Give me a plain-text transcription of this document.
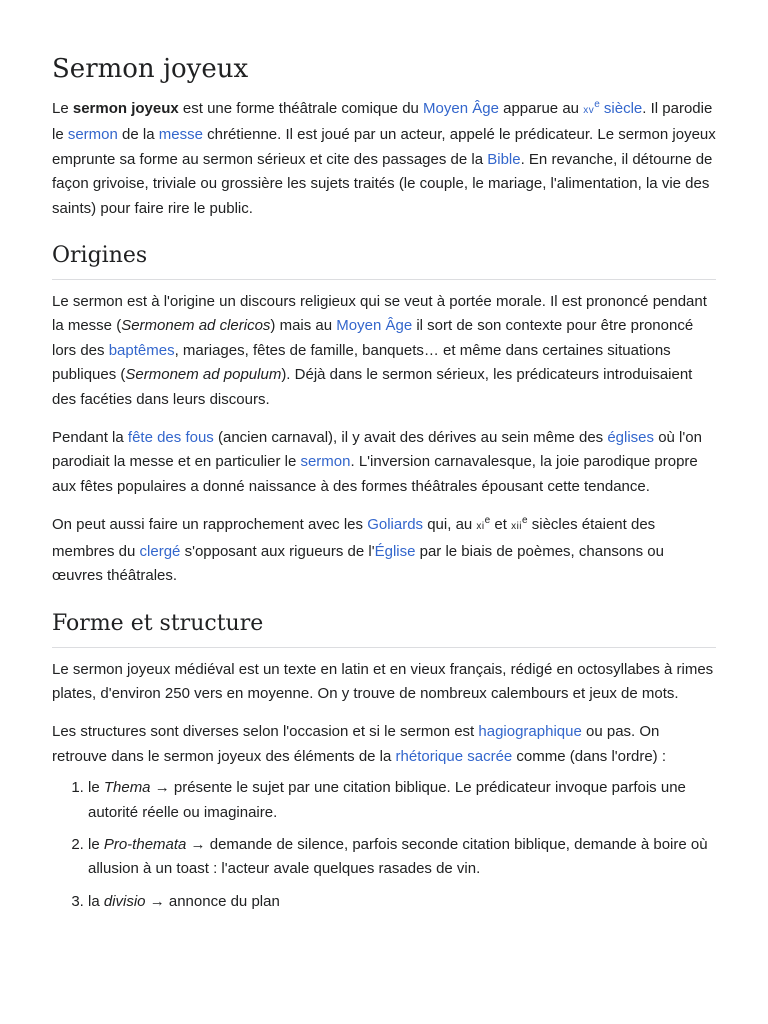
Sermon joyeux

Le sermon joyeux est une forme théâtrale comique du Moyen Âge apparue au xv$^e$ siècle. Il parodie le sermon de la messe chrétienne. Il est joué par un acteur, appelé le prédicateur. Le sermon joyeux emprunte sa forme au sermon sérieux et cite des passages de la Bible. En revanche, il détourne de façon grivoise, triviale ou grossière les sujets traités (le couple, le mariage, l'alimentation, la vie des saints) pour faire rire le public.

Origines

Le sermon est à l'origine un discours religieux qui se veut à portée morale. Il est prononcé pendant la messe (Sermonem ad clericos) mais au Moyen Âge il sort de son contexte pour être prononcé lors des baptêmes, mariages, fêtes de famille, banquets… et même dans certaines situations publiques (Sermonem ad populum). Déjà dans le sermon sérieux, les prédicateurs introduisaient des facéties dans leurs discours.

Pendant la fête des fous (ancien carnaval), il y avait des dérives au sein même des églises où l'on parodiait la messe et en particulier le sermon. L'inversion carnavalesque, la joie parodique propre aux fêtes populaires a donné naissance à des formes théâtrales épousant cette tendance.

On peut aussi faire un rapprochement avec les Goliards qui, au $xi^e$ et xii$^e$ siècles étaient des membres du clergé s'opposant aux rigueurs de l'Église par le biais de poèmes, chansons ou œuvres théâtrales.

Forme et structure

Le sermon joyeux médiéval est un texte en latin et en vieux français, rédigé en octosyllabes à rimes plates, d'environ 250 vers en moyenne. On y trouve de nombreux calembours et jeux de mots.

Les structures sont diverses selon l'occasion et si le sermon est hagiographique ou pas. On retrouve dans le sermon joyeux des éléments de la rhétorique sacrée comme (dans l'ordre) :

1. le Thema → présente le sujet par une citation biblique. Le prédicateur invoque parfois une autorité réelle ou imaginaire.
2. le Pro-themata → demande de silence, parfois seconde citation biblique, demande à boire où allusion à un toast : l'acteur avale quelques rasades de vin.
3. la divisio → annonce du plan
